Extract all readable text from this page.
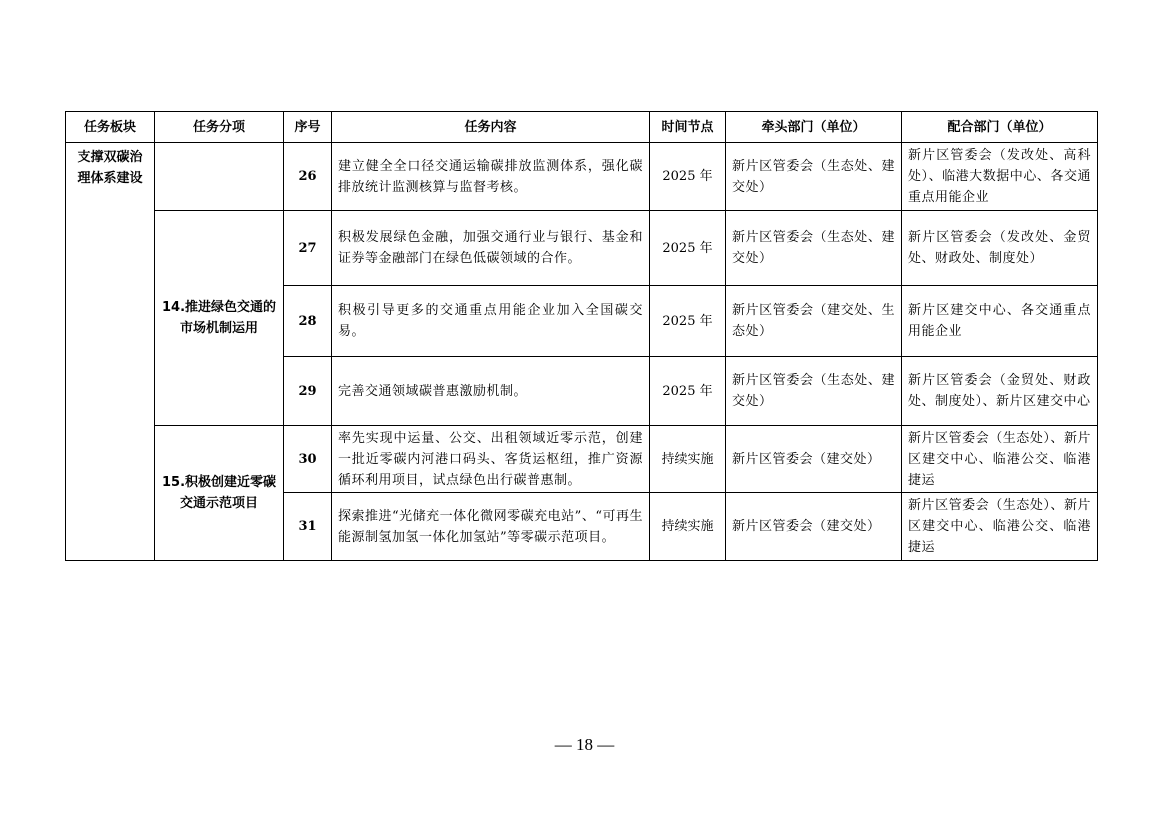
任务板块	任务分项	序号	任务内容	时间节点	牵头部门（单位）	配合部门（单位）
支撑双碳治理体系建设		26	建立健全全口径交通运输碳排放监测体系，强化碳排放统计监测核算与监督考核。	2025 年	新片区管委会（生态处、建交处）	新片区管委会（发改处、高科处）、临港大数据中心、各交通重点用能企业
	14.推进绿色交通的市场机制运用	27	积极发展绿色金融，加强交通行业与银行、基金和证券等金融部门在绿色低碳领域的合作。	2025 年	新片区管委会（生态处、建交处）	新片区管委会（发改处、金贸处、财政处、制度处）
		28	积极引导更多的交通重点用能企业加入全国碳交易。	2025 年	新片区管委会（建交处、生态处）	新片区建交中心、各交通重点用能企业
		29	完善交通领域碳普惠激励机制。	2025 年	新片区管委会（生态处、建交处）	新片区管委会（金贸处、财政处、制度处）、新片区建交中心
	15.积极创建近零碳交通示范项目	30	率先实现中运量、公交、出租领域近零示范，创建一批近零碳内河港口码头、客货运枢纽，推广资源循环利用项目，试点绿色出行碳普惠制。	持续实施	新片区管委会（建交处）	新片区管委会（生态处）、新片区建交中心、临港公交、临港捷运
		31	探索推进“光储充一体化微网零碳充电站”、“可再生能源制氢加氢一体化加氢站”等零碳示范项目。	持续实施	新片区管委会（建交处）	新片区管委会（生态处）、新片区建交中心、临港公交、临港捷运
— 18 —
